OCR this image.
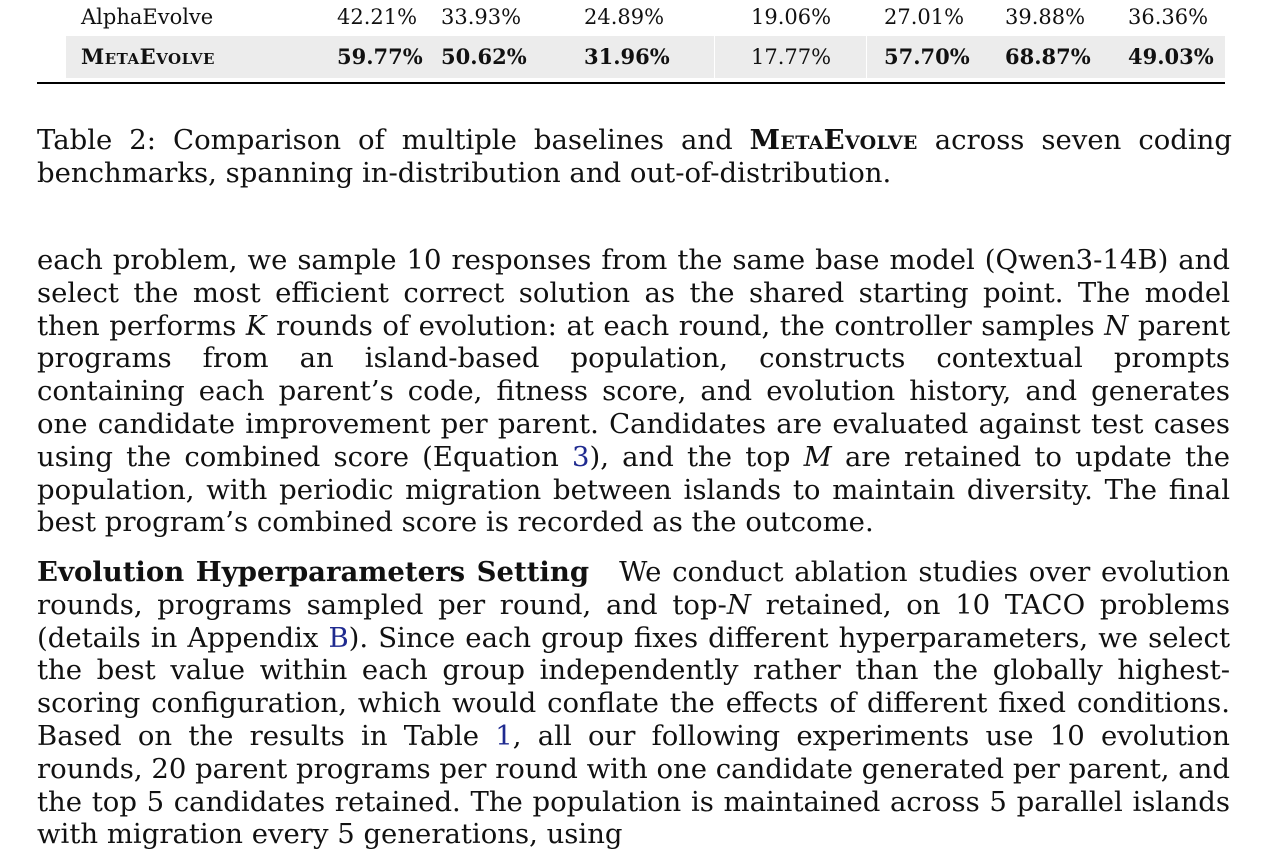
AlphaEvolve	42.21% 33.93%	24.89%	19.06%	27.01% 39.88% 36.36%
MetaEvolve	59.77% 50.62%	31.96%	17.77%	57.70% 68.87% 49.03%
Table 2: Comparison of multiple baselines and MetaEvolve across seven coding benchmarks, spanning in-distribution and out-of-distribution.
each problem, we sample 10 responses from the same base model (Qwen3-14B) and select the most efficient correct solution as the shared starting point. The model then performs K rounds of evolution: at each round, the controller samples N parent programs from an island-based population, constructs contextual prompts containing each parent’s code, fitness score, and evolution history, and generates one candidate improvement per parent. Candidates are evaluated against test cases using the combined score (Equation 3), and the top M are retained to update the population, with periodic migration between islands to maintain diversity. The final best program’s combined score is recorded as the outcome.
Evolution Hyperparameters Setting We conduct ablation studies over evolution rounds, programs sampled per round, and top-N retained, on 10 TACO problems (details in Appendix B). Since each group fixes different hyperparameters, we select the best value within each group independently rather than the globally highest-scoring configuration, which would conflate the effects of different fixed conditions. Based on the results in Table 1, all our following experiments use 10 evolution rounds, 20 parent programs per round with one candidate generated per parent, and the top 5 candidates retained. The population is maintained across 5 parallel islands with migration every 5 generations, using
